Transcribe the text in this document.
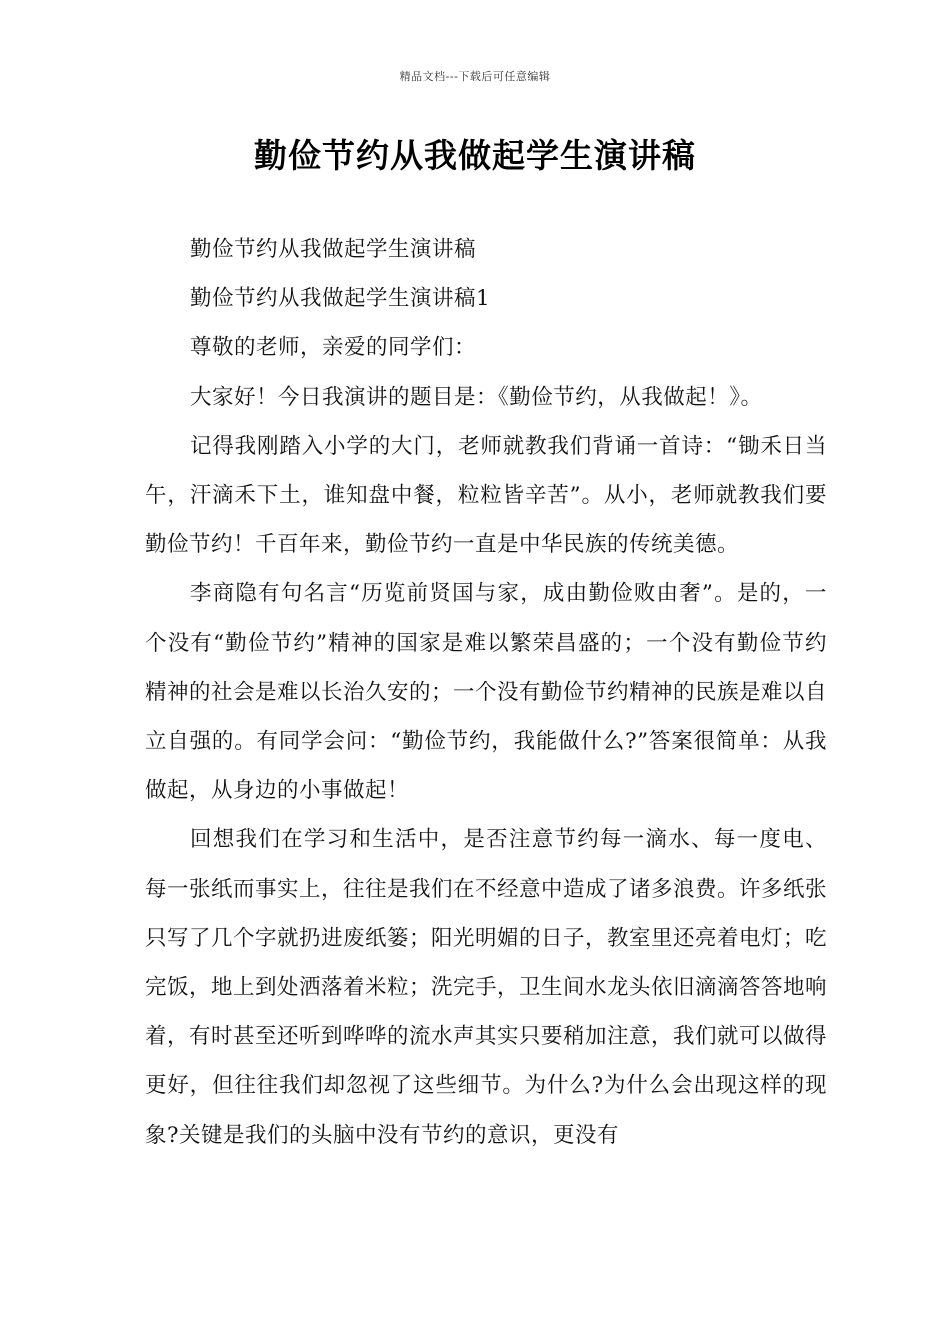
精品文档---下载后可任意编辑
勤俭节约从我做起学生演讲稿

勤俭节约从我做起学生演讲稿

勤俭节约从我做起学生演讲稿1

尊敬的老师，亲爱的同学们：

大家好！今日我演讲的题目是：《勤俭节约，从我做起！》。

记得我刚踏入小学的大门，老师就教我们背诵一首诗：“锄禾日当午，汗滴禾下土，谁知盘中餐，粒粒皆辛苦”。从小，老师就教我们要勤俭节约！千百年来，勤俭节约一直是中华民族的传统美德。

李商隐有句名言“历览前贤国与家，成由勤俭败由奢”。是的，一个没有“勤俭节约”精神的国家是难以繁荣昌盛的；一个没有勤俭节约精神的社会是难以长治久安的；一个没有勤俭节约精神的民族是难以自立自强的。有同学会问：“勤俭节约，我能做什么?”答案很简单：从我做起，从身边的小事做起！

回想我们在学习和生活中，是否注意节约每一滴水、每一度电、每一张纸而事实上，往往是我们在不经意中造成了诸多浪费。许多纸张只写了几个字就扔进废纸篓；阳光明媚的日子，教室里还亮着电灯；吃完饭，地上到处洒落着米粒；洗完手，卫生间水龙头依旧滴滴答答地响着，有时甚至还听到哗哗的流水声其实只要稍加注意，我们就可以做得更好，但往往我们却忽视了这些细节。为什么?为什么会出现这样的现象?关键是我们的头脑中没有节约的意识，更没有
